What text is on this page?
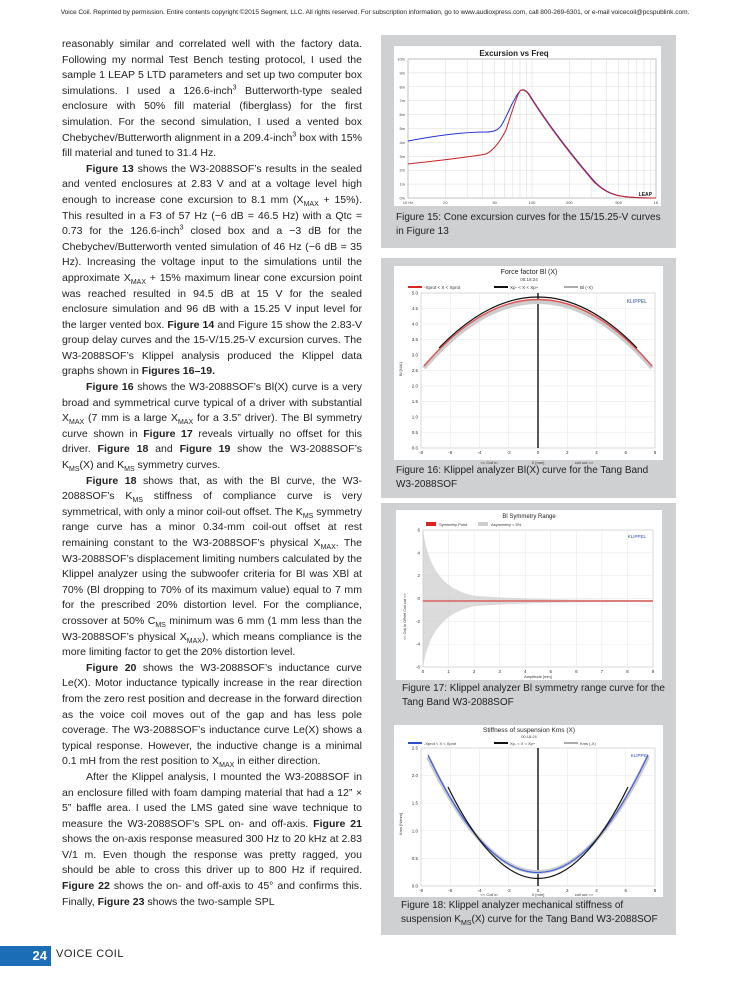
Voice Coil. Reprinted by permission. Entire contents copyright ©2015 Segment, LLC. All rights reserved. For subscription information, go to www.audioxpress.com, call 800-269-6301, or e-mail voicecoil@pcspublink.com.

reasonably similar and correlated well with the factory data. Following my normal Test Bench testing protocol, I used the sample 1 LEAP 5 LTD parameters and set up two computer box simulations. I used a 126.6-inch$^3$ Butterworth-type sealed enclosure with 50% fill material (fiberglass) for the first simulation. For the second simulation, I used a vented box Chebychev/Butterworth alignment in a 209.4-inch$^3$ box with 15% fill material and tuned to 31.4 Hz.

Figure 13 shows the W3-2088SOF’s results in the sealed and vented enclosures at 2.83 V and at a voltage level high enough to increase cone excursion to 8.1 mm $(X_{MAX} + 15\%)$. This resulted in a F3 of 57 Hz (−6 dB = 46.5 Hz) with a Qtc = 0.73 for the 126.6-inch$^3$ closed box and a −3 dB for the Chebychev/Butterworth vented simulation of 46 Hz (−6 dB = 35 Hz). Increasing the voltage input to the simulations until the approximate $X_{MAX} + 15\%$ maximum linear cone excursion point was reached resulted in 94.5 dB at 15 V for the sealed enclosure simulation and 96 dB with a 15.25 V input level for the larger vented box. Figure 14 and Figure 15 show the 2.83-V group delay curves and the 15-V/15.25-V excursion curves. The W3-2088SOF’s Klippel analysis produced the Klippel data graphs shown in Figures 16–19.

Figure 16 shows the W3-2088SOF’s Bl(X) curve is a very broad and symmetrical curve typical of a driver with substantial $X_{MAX}$ (7 mm is a large $X_{MAX}$ for a 3.5” driver). The Bl symmetry curve shown in Figure 17 reveals virtually no offset for this driver. Figure 18 and Figure 19 show the W3-2088SOF’s $K_{MS}(X)$ and $K_{MS}$ symmetry curves.

Figure 18 shows that, as with the Bl curve, the W3-2088SOF’s $K_{MS}$ stiffness of compliance curve is very symmetrical, with only a minor coil-out offset. The $K_{MS}$ symmetry range curve has a minor 0.34-mm coil-out offset at rest remaining constant to the W3-2088SOF’s physical $X_{MAX}$. The W3-2088SOF’s displacement limiting numbers calculated by the Klippel analyzer using the subwoofer criteria for Bl was XBl at 70% (Bl dropping to 70% of its maximum value) equal to 7 mm for the prescribed 20% distortion level. For the compliance, crossover at 50% $C_{MS}$ minimum was 6 mm (1 mm less than the W3-2088SOF’s physical $X_{MAX}$), which means compliance is the more limiting factor to get the 20% distortion level.

Figure 20 shows the W3-2088SOF’s inductance curve Le(X). Motor inductance typically increase in the rear direction from the zero rest position and decrease in the forward direction as the voice coil moves out of the gap and has less pole coverage. The W3-2088SOF’s inductance curve Le(X) shows a typical response. However, the inductive change is a minimal 0.1 mH from the rest position to $X_{MAX}$ in either direction.

After the Klippel analysis, I mounted the W3-2088SOF in an enclosure filled with foam damping material that had a 12” × 5” baffle area. I used the LMS gated sine wave technique to measure the W3-2088SOF’s SPL on- and off-axis. Figure 21 shows the on-axis response measured 300 Hz to 20 kHz at 2.83 V/1 m. Even though the response was pretty ragged, you should be able to cross this driver up to 800 Hz if required. Figure 22 shows the on- and off-axis to 45° and confirms this. Finally, Figure 23 shows the two-sample SPL

Excursion vs Freq
10m
9m
8m
7m
6m
5m
4m
3m
2m
1m
0m
10 Hz	20	50	100	200	500	1K
LEAP
Figure 15: Cone excursion curves for the 15/15.25-V curves in Figure 13
Force factor Bl (X)
00:18:24
-Xprot < X < Xprot	Xp- < X < Xp+	Bl (-X)
5.0
4.5
4.0
3.5
3.0
2.5
2.0
1.5
1.0
0.5
0.0
-8	-6	-4	-2	0	2	4	6	8
KLIPPEL
Bl [N/A]
X [mm]
<< Coil in	coil out >>
Figure 16: Klippel analyzer Bl(X) curve for the Tang Band W3-2088SOF
Bl Symmetry Range
Symmetry Point	Asymmetry < 5%
6
4
2
0
-2
-4
-6
0	1	2	3	4	5	6	7	8	9
KLIPPEL
<< Coil in Offset Coil out >>
Amplitude [mm]
Figure 17: Klippel analyzer Bl symmetry range curve for the Tang Band W3-2088SOF
Stiffness of suspension Kms (X)
00:18:24
-Xprot < X < Xprot	Xp- < X < Xp+	Kms (-X)
2.5
2.0
1.5
1.0
0.5
0.0
-8	-6	-4	-2	0	2	4	6	8
KLIPPEL
Kms [N/mm]
X [mm]
<< Coil in	coil out >>
Figure 18: Klippel analyzer mechanical stiffness of suspension $K_{MS}(X)$ curve for the Tang Band W3-2088SOF
24 VOICE COIL
